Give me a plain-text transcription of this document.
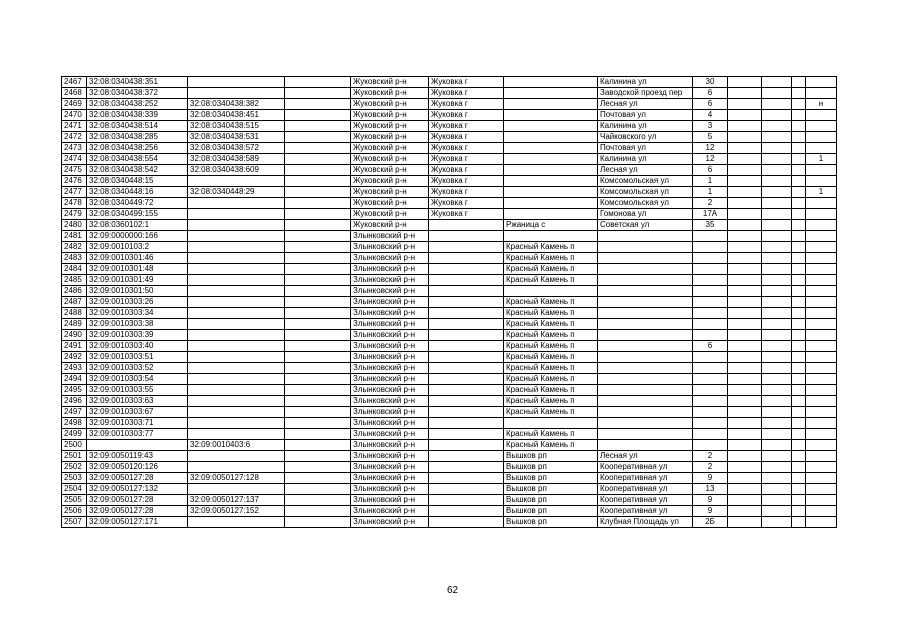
2467	32:08:0340438:351			Жуковский р-н	Жуковка г		Калинина ул	30				
2468	32:08:0340438:372			Жуковский р-н	Жуковка г		Заводской проезд пер	6				
2469	32:08:0340438:252	32:08:0340438:382		Жуковский р-н	Жуковка г		Лесная ул	6				н
2470	32:08:0340438:339	32:08:0340438:451		Жуковский р-н	Жуковка г		Почтовая ул	4				
2471	32:08:0340438:514	32:08:0340438:515		Жуковский р-н	Жуковка г		Калинина ул	3				
2472	32:08:0340438:285	32:08:0340438:531		Жуковский р-н	Жуковка г		Чайковского ул	5				
2473	32:08:0340438:256	32:08:0340438:572		Жуковский р-н	Жуковка г		Почтовая ул	12				
2474	32:08:0340438:554	32:08:0340438:589		Жуковский р-н	Жуковка г		Калинина ул	12				1
2475	32:08:0340438:542	32:08:0340438:609		Жуковский р-н	Жуковка г		Лесная ул	6				
2476	32:08:0340448:15			Жуковский р-н	Жуковка г		Комсомольская ул	1				
2477	32:08:0340448:16	32:08:0340448:29		Жуковский р-н	Жуковка г		Комсомольская ул	1				1
2478	32:08:0340449:72			Жуковский р-н	Жуковка г		Комсомольская ул	2				
2479	32:08:0340499:155			Жуковский р-н	Жуковка г		Гомонова ул	17А				
2480	32:08:0360102:1			Жуковский р-н		Ржаница с	Советская ул	35				
2481	32:09:0000000:166			Злынковский р-н								
2482	32:09:0010103:2			Злынковский р-н		Красный Камень п						
2483	32:09:0010301:46			Злынковский р-н		Красный Камень п						
2484	32:09:0010301:48			Злынковский р-н		Красный Камень п						
2485	32:09:0010301:49			Злынковский р-н		Красный Камень п						
2486	32:09:0010301:50			Злынковский р-н								
2487	32:09:0010303:26			Злынковский р-н		Красный Камень п						
2488	32:09:0010303:34			Злынковский р-н		Красный Камень п						
2489	32:09:0010303:38			Злынковский р-н		Красный Камень п						
2490	32:09:0010303:39			Злынковский р-н		Красный Камень п						
2491	32:09:0010303:40			Злынковский р-н		Красный Камень п		6				
2492	32:09:0010303:51			Злынковский р-н		Красный Камень п						
2493	32:09:0010303:52			Злынковский р-н		Красный Камень п						
2494	32:09:0010303:54			Злынковский р-н		Красный Камень п						
2495	32:09:0010303:55			Злынковский р-н		Красный Камень п						
2496	32:09:0010303:63			Злынковский р-н		Красный Камень п						
2497	32:09:0010303:67			Злынковский р-н		Красный Камень п						
2498	32:09:0010303:71			Злынковский р-н								
2499	32:09:0010303:77			Злынковский р-н		Красный Камень п						
2500		32:09:0010403:6		Злынковский р-н		Красный Камень п						
2501	32:09:0050119:43			Злынковский р-н		Вышков рп	Лесная ул	2				
2502	32:09:0050120:126			Злынковский р-н		Вышков рп	Кооперативная ул	2				
2503	32:09:0050127:28	32:09:0050127:128		Злынковский р-н		Вышков рп	Кооперативная ул	9				
2504	32:09:0050127:132			Злынковский р-н		Вышков рп	Кооперативная ул	13				
2505	32:09:0050127:28	32:09:0050127:137		Злынковский р-н		Вышков рп	Кооперативная ул	9				
2506	32:09:0050127:28	32:09:0050127:152		Злынковский р-н		Вышков рп	Кооперативная ул	9				
2507	32:09:0050127:171			Злынковский р-н		Вышков рп	Клубная Площадь ул	2Б				
62
